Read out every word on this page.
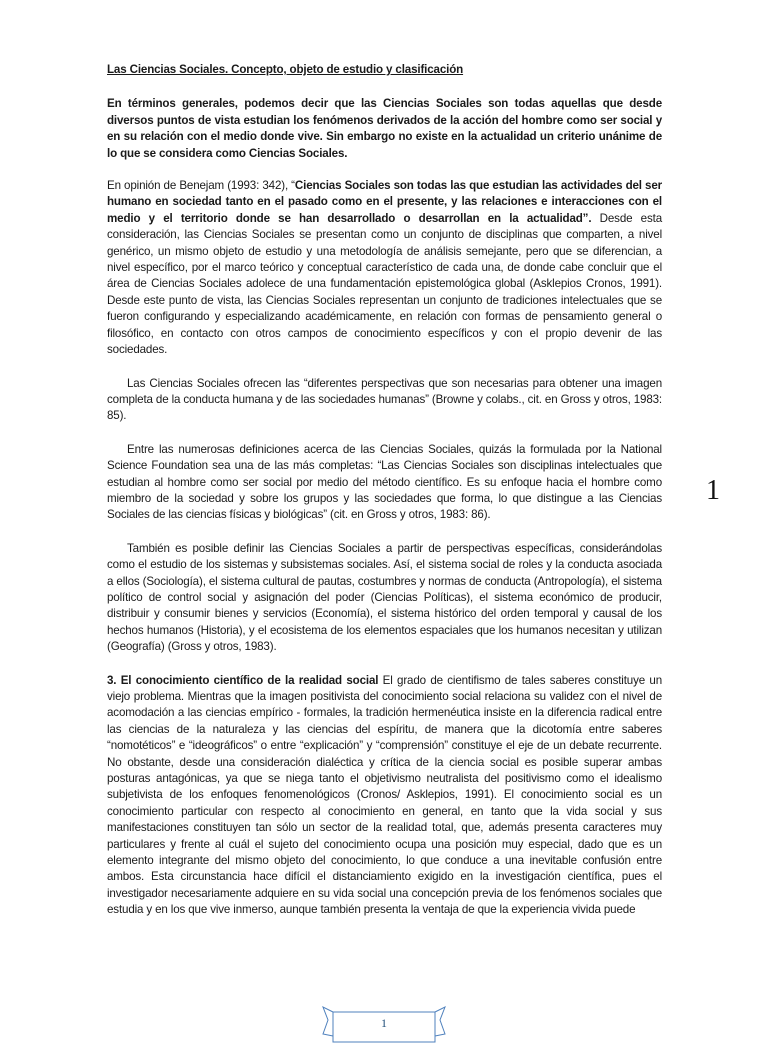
Las Ciencias Sociales. Concepto, objeto de estudio y clasificación
En términos generales, podemos decir que las Ciencias Sociales son todas aquellas que desde diversos puntos de vista estudian los fenómenos derivados de la acción del hombre como ser social y en su relación con el medio donde vive. Sin embargo no existe en la actualidad un criterio unánime de lo que se considera como Ciencias Sociales.

En opinión de Benejam (1993: 342), “Ciencias Sociales son todas las que estudian las actividades del ser humano en sociedad tanto en el pasado como en el presente, y las relaciones e interacciones con el medio y el territorio donde se han desarrollado o desarrollan en la actualidad”. Desde esta consideración, las Ciencias Sociales se presentan como un conjunto de disciplinas que comparten, a nivel genérico, un mismo objeto de estudio y una metodología de análisis semejante, pero que se diferencian, a nivel específico, por el marco teórico y conceptual característico de cada una, de donde cabe concluir que el área de Ciencias Sociales adolece de una fundamentación epistemológica global (Asklepios Cronos, 1991). Desde este punto de vista, las Ciencias Sociales representan un conjunto de tradiciones intelectuales que se fueron configurando y especializando académicamente, en relación con formas de pensamiento general o filosófico, en contacto con otros campos de conocimiento específicos y con el propio devenir de las sociedades.

Las Ciencias Sociales ofrecen las “diferentes perspectivas que son necesarias para obtener una imagen completa de la conducta humana y de las sociedades humanas” (Browne y colabs., cit. en Gross y otros, 1983: 85).

Entre las numerosas definiciones acerca de las Ciencias Sociales, quizás la formulada por la National Science Foundation sea una de las más completas: “Las Ciencias Sociales son disciplinas intelectuales que estudian al hombre como ser social por medio del método científico. Es su enfoque hacia el hombre como miembro de la sociedad y sobre los grupos y las sociedades que forma, lo que distingue a las Ciencias Sociales de las ciencias físicas y biológicas” (cit. en Gross y otros, 1983: 86).

También es posible definir las Ciencias Sociales a partir de perspectivas específicas, considerándolas como el estudio de los sistemas y subsistemas sociales. Así, el sistema social de roles y la conducta asociada a ellos (Sociología), el sistema cultural de pautas, costumbres y normas de conducta (Antropología), el sistema político de control social y asignación del poder (Ciencias Políticas), el sistema económico de producir, distribuir y consumir bienes y servicios (Economía), el sistema histórico del orden temporal y causal de los hechos humanos (Historia), y el ecosistema de los elementos espaciales que los humanos necesitan y utilizan (Geografía) (Gross y otros, 1983).

3. El conocimiento científico de la realidad social El grado de cientifismo de tales saberes constituye un viejo problema. Mientras que la imagen positivista del conocimiento social relaciona su validez con el nivel de acomodación a las ciencias empírico - formales, la tradición hermenéutica insiste en la diferencia radical entre las ciencias de la naturaleza y las ciencias del espíritu, de manera que la dicotomía entre saberes “nomotéticos” e “ideográficos” o entre “explicación” y “comprensión” constituye el eje de un debate recurrente. No obstante, desde una consideración dialéctica y crítica de la ciencia social es posible superar ambas posturas antagónicas, ya que se niega tanto el objetivismo neutralista del positivismo como el idealismo subjetivista de los enfoques fenomenológicos (Cronos/ Asklepios, 1991). El conocimiento social es un conocimiento particular con respecto al conocimiento en general, en tanto que la vida social y sus manifestaciones constituyen tan sólo un sector de la realidad total, que, además presenta caracteres muy particulares y frente al cuál el sujeto del conocimiento ocupa una posición muy especial, dado que es un elemento integrante del mismo objeto del conocimiento, lo que conduce a una inevitable confusión entre ambos. Esta circunstancia hace difícil el distanciamiento exigido en la investigación científica, pues el investigador necesariamente adquiere en su vida social una concepción previa de los fenómenos sociales que estudia y en los que vive inmerso, aunque también presenta la ventaja de que la experiencia vivida puede

1
1
